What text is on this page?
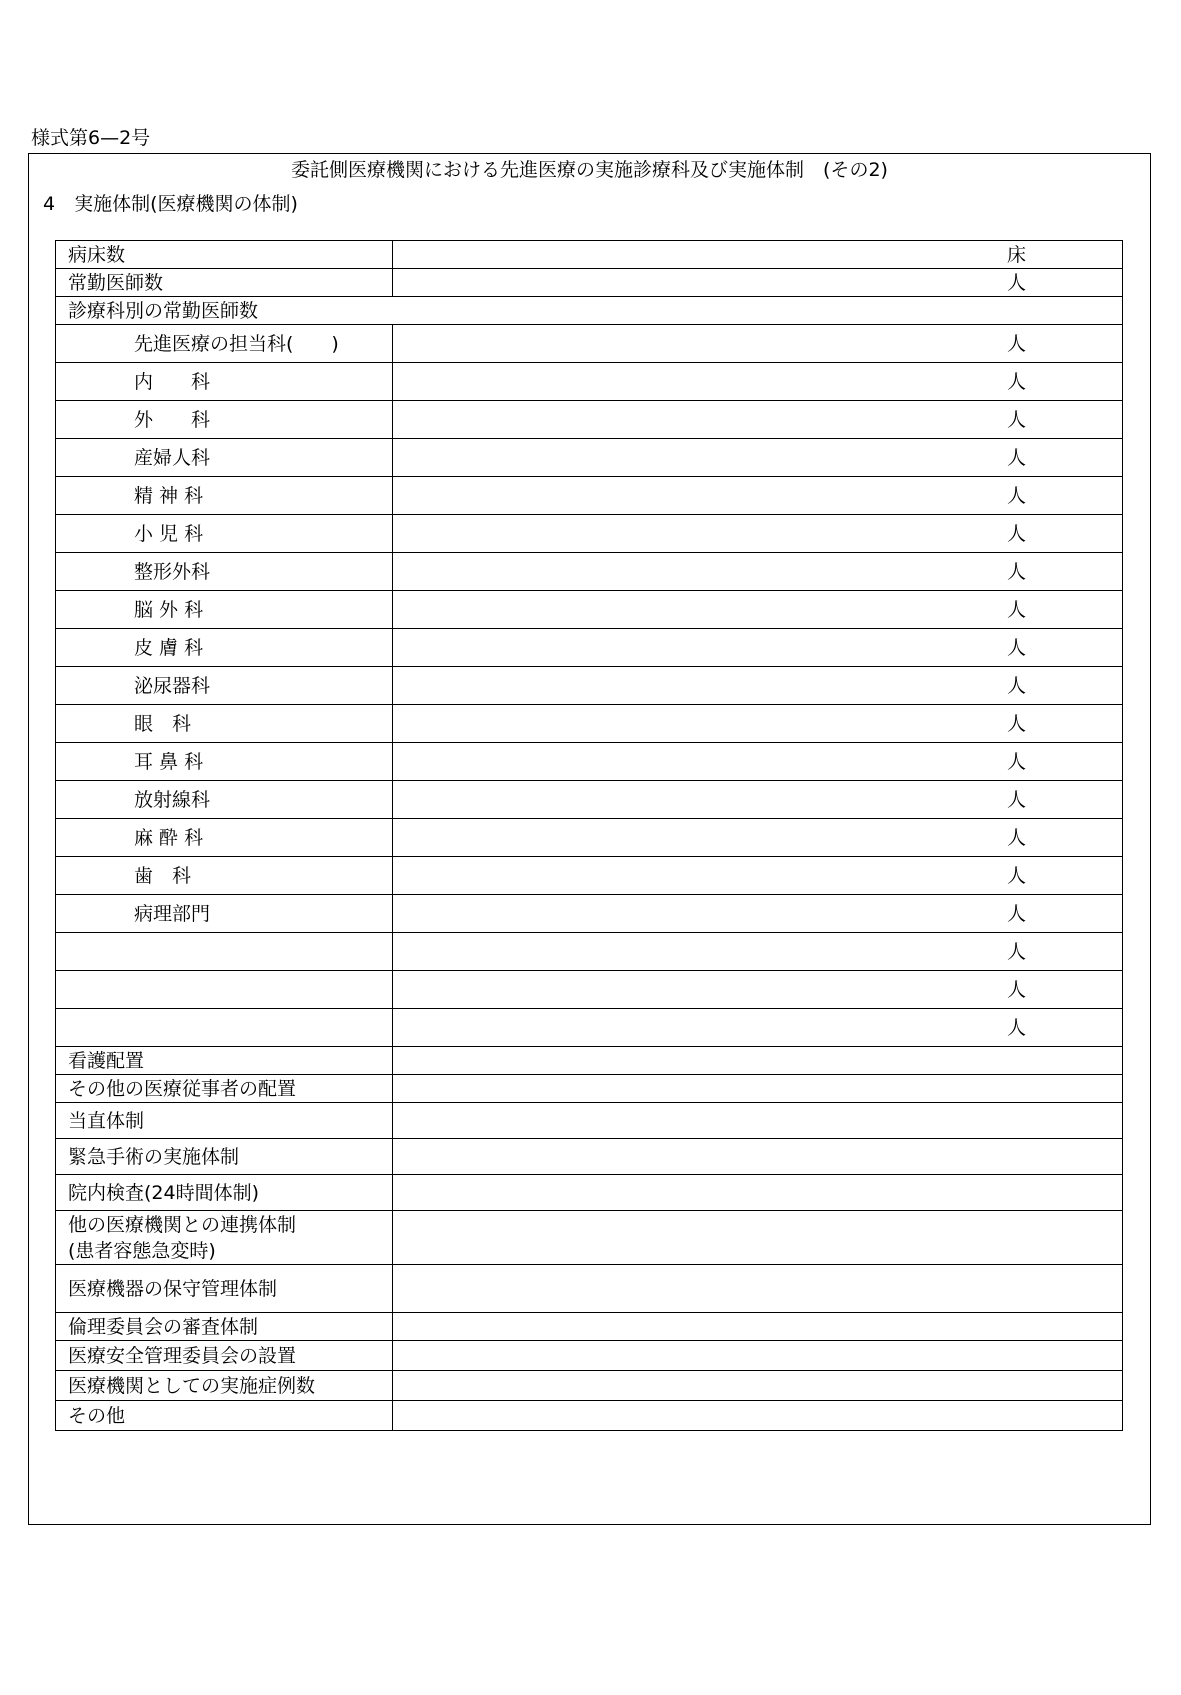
様式第6—2号
委託側医療機関における先進医療の実施診療科及び実施体制　(その2)
4　実施体制(医療機関の体制)
病床数	床
常勤医師数	人
診療科別の常勤医師数	
先進医療の担当科(　　)	人
内　　科	人
外　　科	人
産婦人科	人
精 神 科	人
小 児 科	人
整形外科	人
脳 外 科	人
皮 膚 科	人
泌尿器科	人
眼　科	人
耳 鼻 科	人
放射線科	人
麻 酔 科	人
歯　科	人
病理部門	人
	人
	人
	人
看護配置	
その他の医療従事者の配置	
当直体制	
緊急手術の実施体制	
院内検査(24時間体制)	

他の医療機関との連携体制
(患者容態急変時)	

医療機器の保守管理体制	
倫理委員会の審査体制	
医療安全管理委員会の設置	
医療機関としての実施症例数	
その他	
